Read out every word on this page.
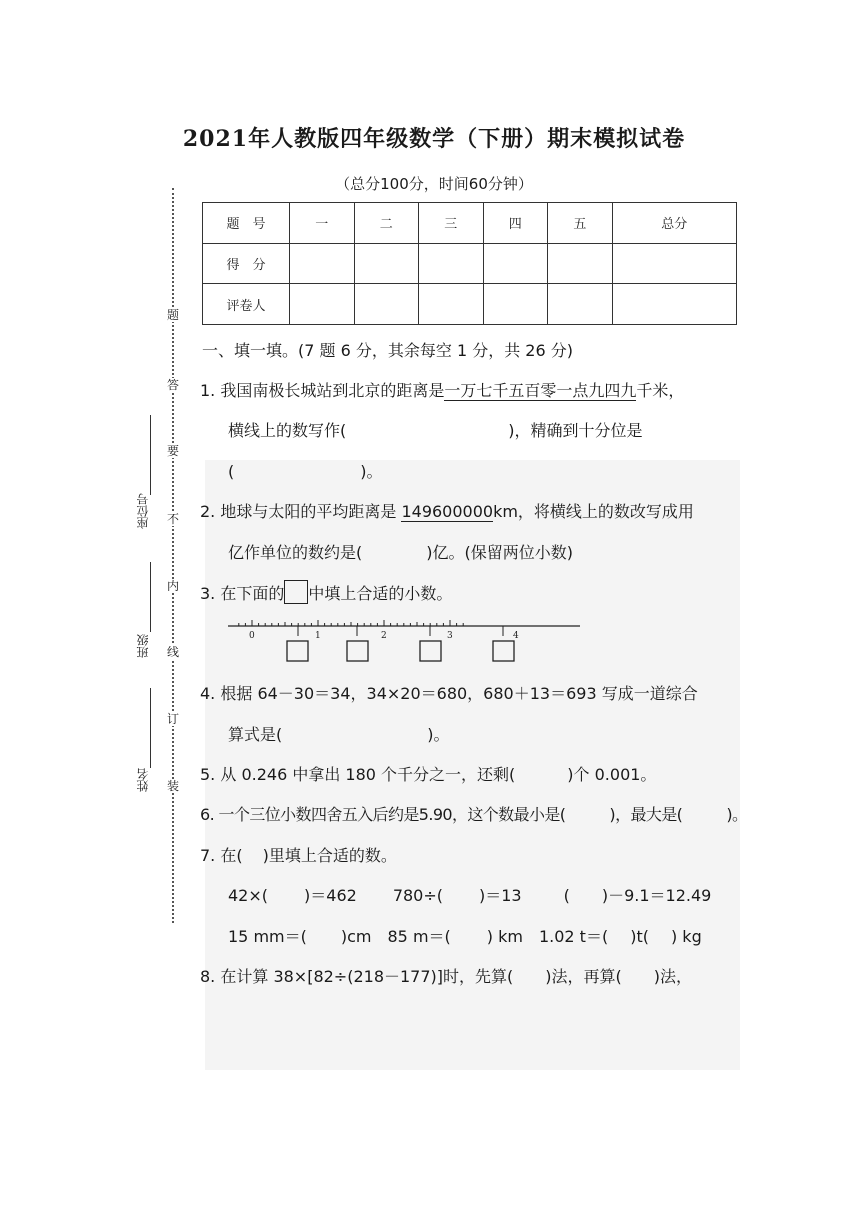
2021年人教版四年级数学（下册）期末模拟试卷
（总分100分，时间60分钟）
题
答
要
不
内
线
订
装
座位号
班级
姓名
题　号	一	二	三	四	五	总分
得　分						
评卷人						
一、填一填。(7 题 6 分，其余每空 1 分，共 26 分)
1. 我国南极长城站到北京的距离是一万七千五百零一点九四九千米，
横线上的数写作(	)，精确到十分位是
(	)。
2. 地球与太阳的平均距离是 149600000km，将横线上的数改写成用
亿作单位的数约是(	)亿。(保留两位小数)
3. 在下面的 中填上合适的小数。
0	1	2	3	4
4. 根据 64－30＝34，34×20＝680，680＋13＝693 写成一道综合
算式是(	)。
5. 从 0.246 中拿出 180 个千分之一，还剩(	)个 0.001。
6. 一个三位小数四舍五入后约是5.90，这个数最小是(	)，最大是(	)。
7. 在( )里填上合适的数。
42×( )＝462 780÷( )＝13	( )－9.1＝12.49
15 mm＝( )cm 85 m＝( ) km 1.02 t＝( )t( ) kg
8. 在计算 38×[82÷(218－177)]时，先算( )法，再算( )法，
